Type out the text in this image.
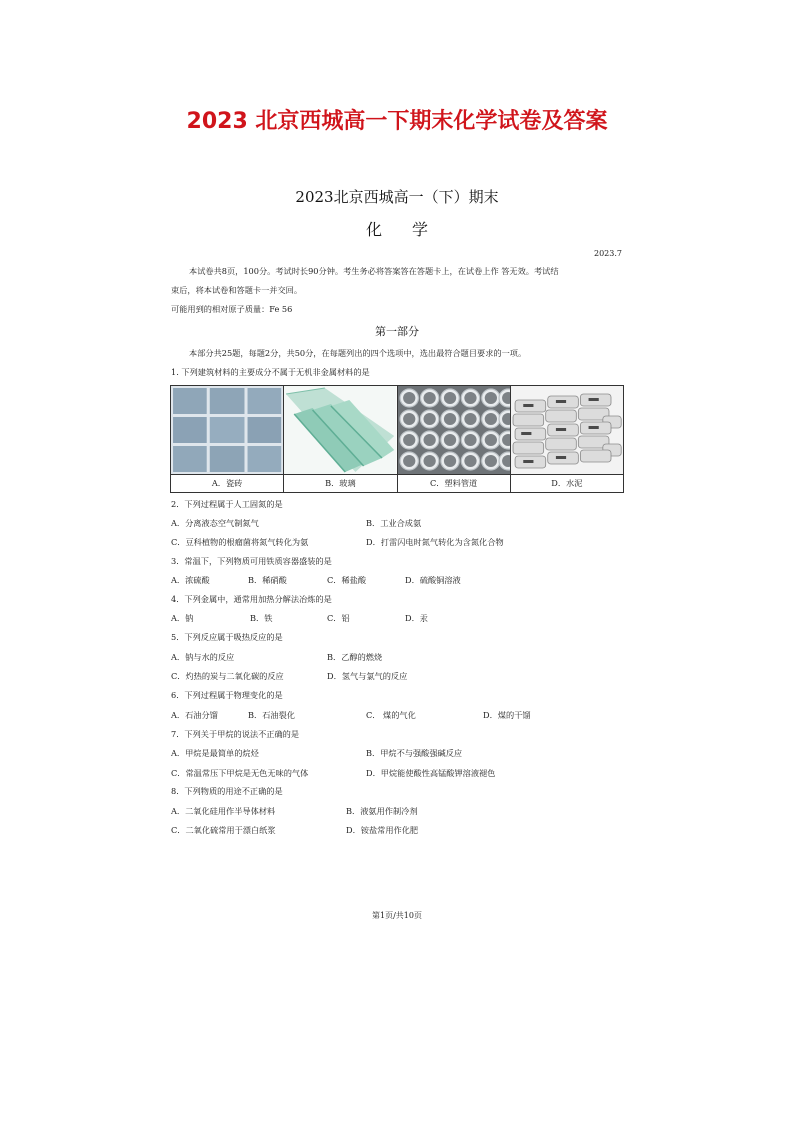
2023 北京西城高一下期末化学试卷及答案
2023北京西城高一（下）期末
化学
2023.7
本试卷共8页，100分。考试时长90分钟。考生务必将答案答在答题卡上，在试卷上作 答无效。考试结
束后，将本试卷和答题卡一并交回。
可能用到的相对原子质量：Fe 56
第一部分
本部分共25题，每题2分，共50分，在每题列出的四个选项中，选出最符合题目要求的一项。
1. 下列建筑材料的主要成分不属于无机非金属材料的是

A．瓷砖	B．玻璃	C．塑料管道	D．水泥
2．下列过程属于人工固氮的是
A．分离液态空气制氮气	B．工业合成氨
C．豆科植物的根瘤菌将氮气转化为氨	D．打雷闪电时氮气转化为含氮化合物
3．常温下，下列物质可用铁质容器盛装的是
A．浓硫酸	B．稀硝酸	C．稀盐酸	D．硫酸铜溶液
4．下列金属中，通常用加热分解法冶炼的是
A．钠	B．铁	C．铝	D．汞
5．下列反应属于吸热反应的是
A．钠与水的反应	B．乙醇的燃烧
C．灼热的炭与二氧化碳的反应	D．氢气与氯气的反应
6．下列过程属于物理变化的是
A．石油分馏	B．石油裂化	C． 煤的气化	D．煤的干馏
7．下列关于甲烷的说法不正确的是
A．甲烷是最简单的烷烃	B．甲烷不与强酸强碱反应
C．常温常压下甲烷是无色无味的气体	D．甲烷能使酸性高锰酸钾溶液褪色
8．下列物质的用途不正确的是
A．二氧化硅用作半导体材料	B．液氨用作制冷剂
C．二氧化硫常用于漂白纸浆	D．铵盐常用作化肥
第1页/共10页
